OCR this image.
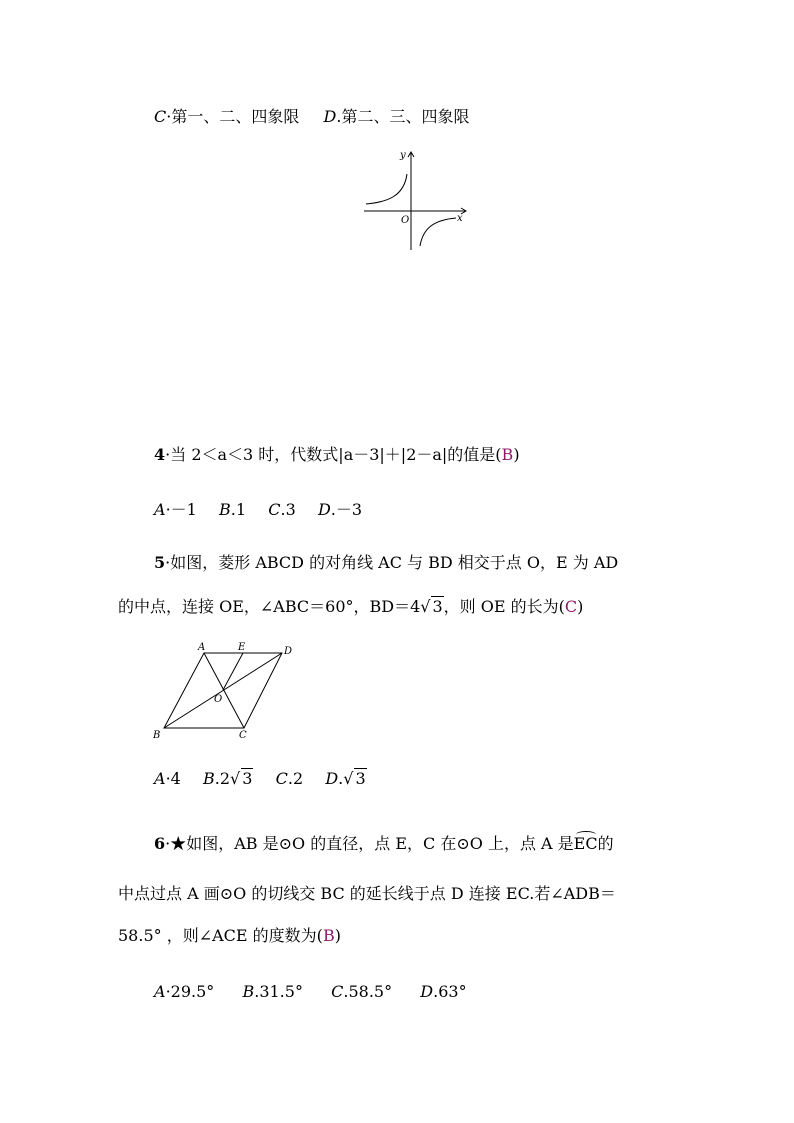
C·第一、二、四象限 D.第二、三、四象限
y
x
O
4·当 2＜a＜3 时，代数式|a－3|＋|2－a|的值是(B)
A·－1 B.1 C.3 D.－3
5·如图，菱形 ABCD 的对角线 AC 与 BD 相交于点 O，E 为 AD
的中点，连接 OE，∠ABC＝60°，BD＝4√ 3，则 OE 的长为(C)
A	E	D
O
B	C
A·4 B.2√ 3 C.2 D.√ 3
6·★如图，AB 是⊙O 的直径，点 E，C 在⊙O 上，点 A 是EC的
中点过点 A 画⊙O 的切线交 BC 的延长线于点 D 连接 EC.若∠ADB＝
58.5° ，则∠ACE 的度数为(B)
A·29.5° B.31.5° C.58.5° D.63°
